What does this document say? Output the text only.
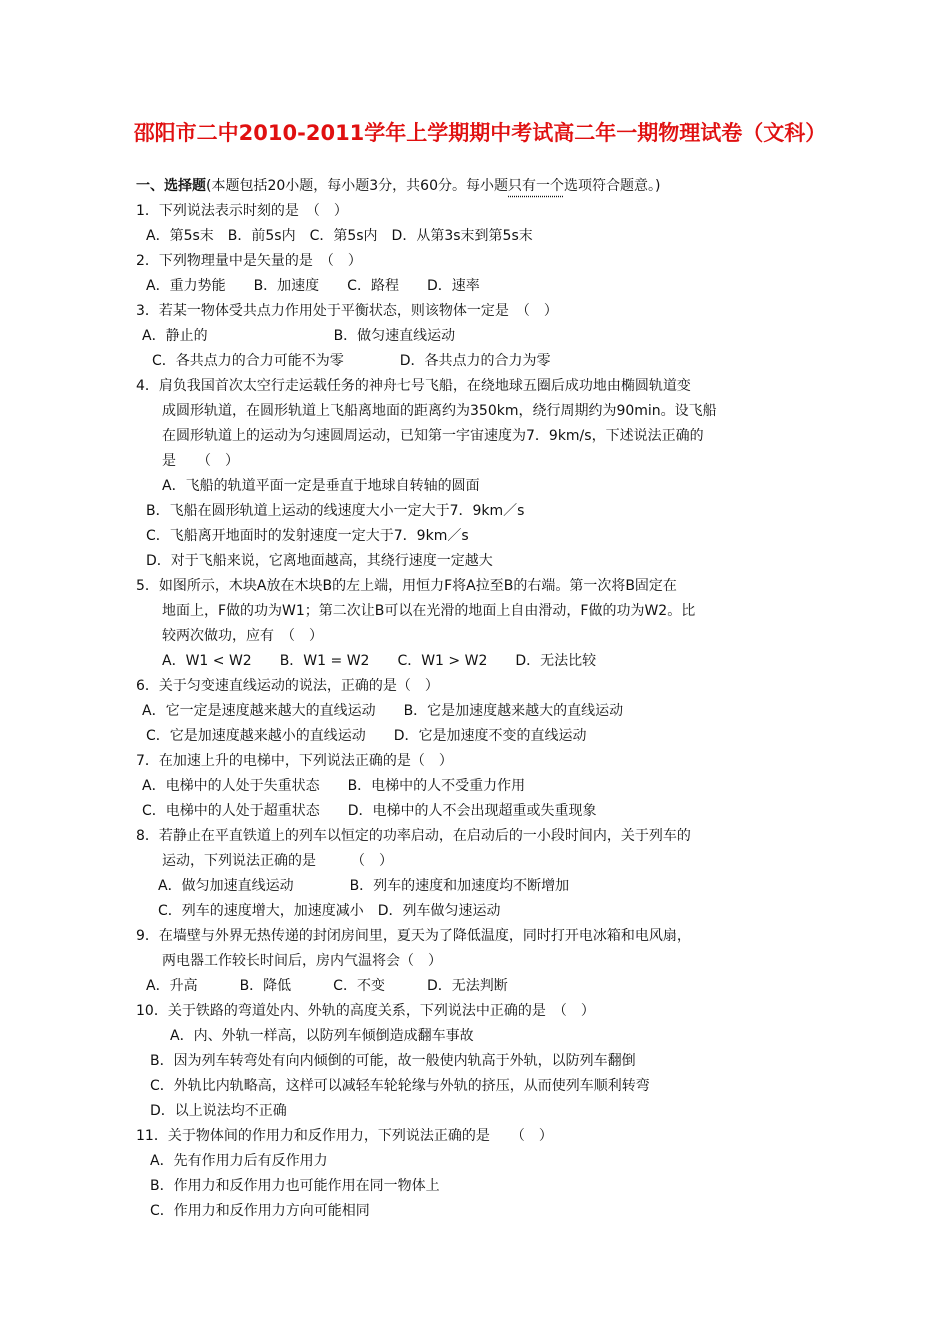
邵阳市二中2010-2011学年上学期期中考试高二年一期物理试卷（文科）
一、选择题(本题包括20小题，每小题3分，共60分。每小题只有一个选项符合题意。)
1．下列说法表示时刻的是　（　）
A．第5s末　B．前5s内　C．第5s内　D．从第3s末到第5s末
2．下列物理量中是矢量的是　（　）
A．重力势能　　B．加速度　　C．路程　　D．速率
3．若某一物体受共点力作用处于平衡状态，则该物体一定是　（　）
A．静止的　　　　　　　　　B．做匀速直线运动
C．各共点力的合力可能不为零　　　　D．各共点力的合力为零
4．肩负我国首次太空行走运载任务的神舟七号飞船，在绕地球五圈后成功地由椭圆轨道变
成圆形轨道，在圆形轨道上飞船离地面的距离约为350km，绕行周期约为90min。设飞船
在圆形轨道上的运动为匀速圆周运动，已知第一宇宙速度为7．9km/s，下述说法正确的
是　　（　）
A．飞船的轨道平面一定是垂直于地球自转轴的圆面
B．飞船在圆形轨道上运动的线速度大小一定大于7．9km／s
C．飞船离开地面时的发射速度一定大于7．9km／s
D．对于飞船来说，它离地面越高，其绕行速度一定越大
5．如图所示，木块A放在木块B的左上端，用恒力F将A拉至B的右端。第一次将B固定在
地面上，F做的功为W1；第二次让B可以在光滑的地面上自由滑动，F做的功为W2。比
较两次做功，应有　（　）
A．W1 < W2　　B．W1 = W2　　C．W1 > W2　　D．无法比较
6．关于匀变速直线运动的说法，正确的是（　）
A．它一定是速度越来越大的直线运动　　B．它是加速度越来越大的直线运动
C．它是加速度越来越小的直线运动　　D．它是加速度不变的直线运动
7．在加速上升的电梯中，下列说法正确的是（　）
A．电梯中的人处于失重状态　　B．电梯中的人不受重力作用
C．电梯中的人处于超重状态　　D．电梯中的人不会出现超重或失重现象
8．若静止在平直铁道上的列车以恒定的功率启动，在启动后的一小段时间内，关于列车的
运动，下列说法正确的是　　　（　）
A．做匀加速直线运动　　　　B．列车的速度和加速度均不断增加
C．列车的速度增大，加速度减小　D．列车做匀速运动
9．在墙壁与外界无热传递的封闭房间里，夏天为了降低温度，同时打开电冰箱和电风扇，
两电器工作较长时间后，房内气温将会（　）
A．升高　　　B．降低　　　C．不变　　　D．无法判断
10．关于铁路的弯道处内、外轨的高度关系，下列说法中正确的是　（　）
A．内、外轨一样高，以防列车倾倒造成翻车事故
B．因为列车转弯处有向内倾倒的可能，故一般使内轨高于外轨，以防列车翻倒
C．外轨比内轨略高，这样可以减轻车轮轮缘与外轨的挤压，从而使列车顺利转弯
D．以上说法均不正确
11．关于物体间的作用力和反作用力，下列说法正确的是　　（　）
A．先有作用力后有反作用力
B．作用力和反作用力也可能作用在同一物体上
C．作用力和反作用力方向可能相同
